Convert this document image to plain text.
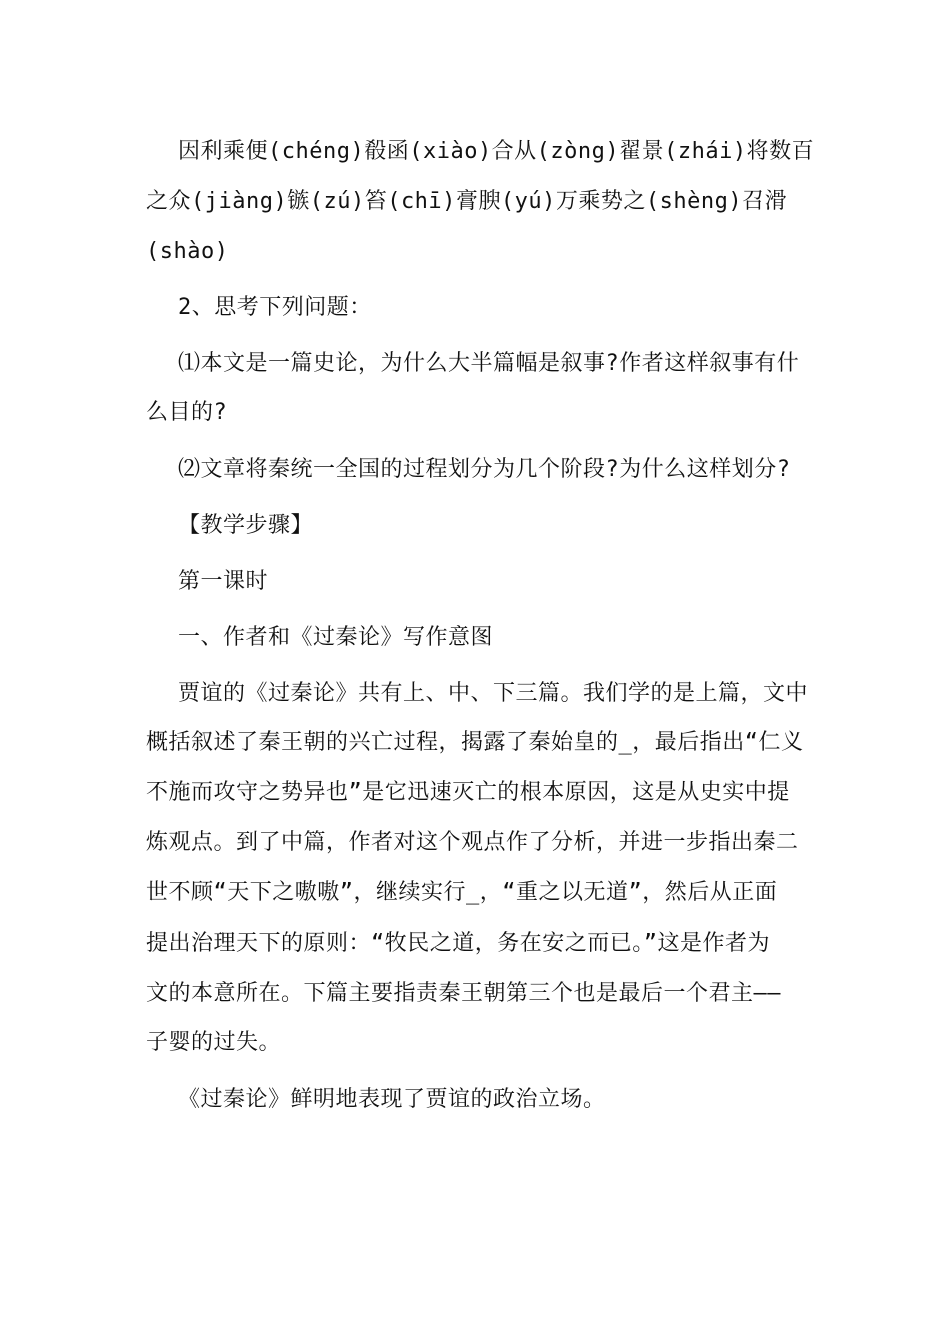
因利乘便(chéng)殽函(xiào)合从(zòng)翟景(zhái)将数百
之众(jiàng)镞(zú)笞(chī)膏腴(yú)万乘势之(shèng)召滑
(shào)
2、思考下列问题：
⑴本文是一篇史论，为什么大半篇幅是叙事?作者这样叙事有什
么目的?
⑵文章将秦统一全国的过程划分为几个阶段?为什么这样划分?
【教学步骤】
第一课时
一、作者和《过秦论》写作意图
贾谊的《过秦论》共有上、中、下三篇。我们学的是上篇，文中
概括叙述了秦王朝的兴亡过程，揭露了秦始皇的_，最后指出“仁义
不施而攻守之势异也”是它迅速灭亡的根本原因，这是从史实中提
炼观点。到了中篇，作者对这个观点作了分析，并进一步指出秦二
世不顾“天下之嗷嗷”，继续实行_，“重之以无道”，然后从正面
提出治理天下的原则：“牧民之道，务在安之而已。”这是作者为
文的本意所在。下篇主要指责秦王朝第三个也是最后一个君主——
子婴的过失。
《过秦论》鲜明地表现了贾谊的政治立场。
